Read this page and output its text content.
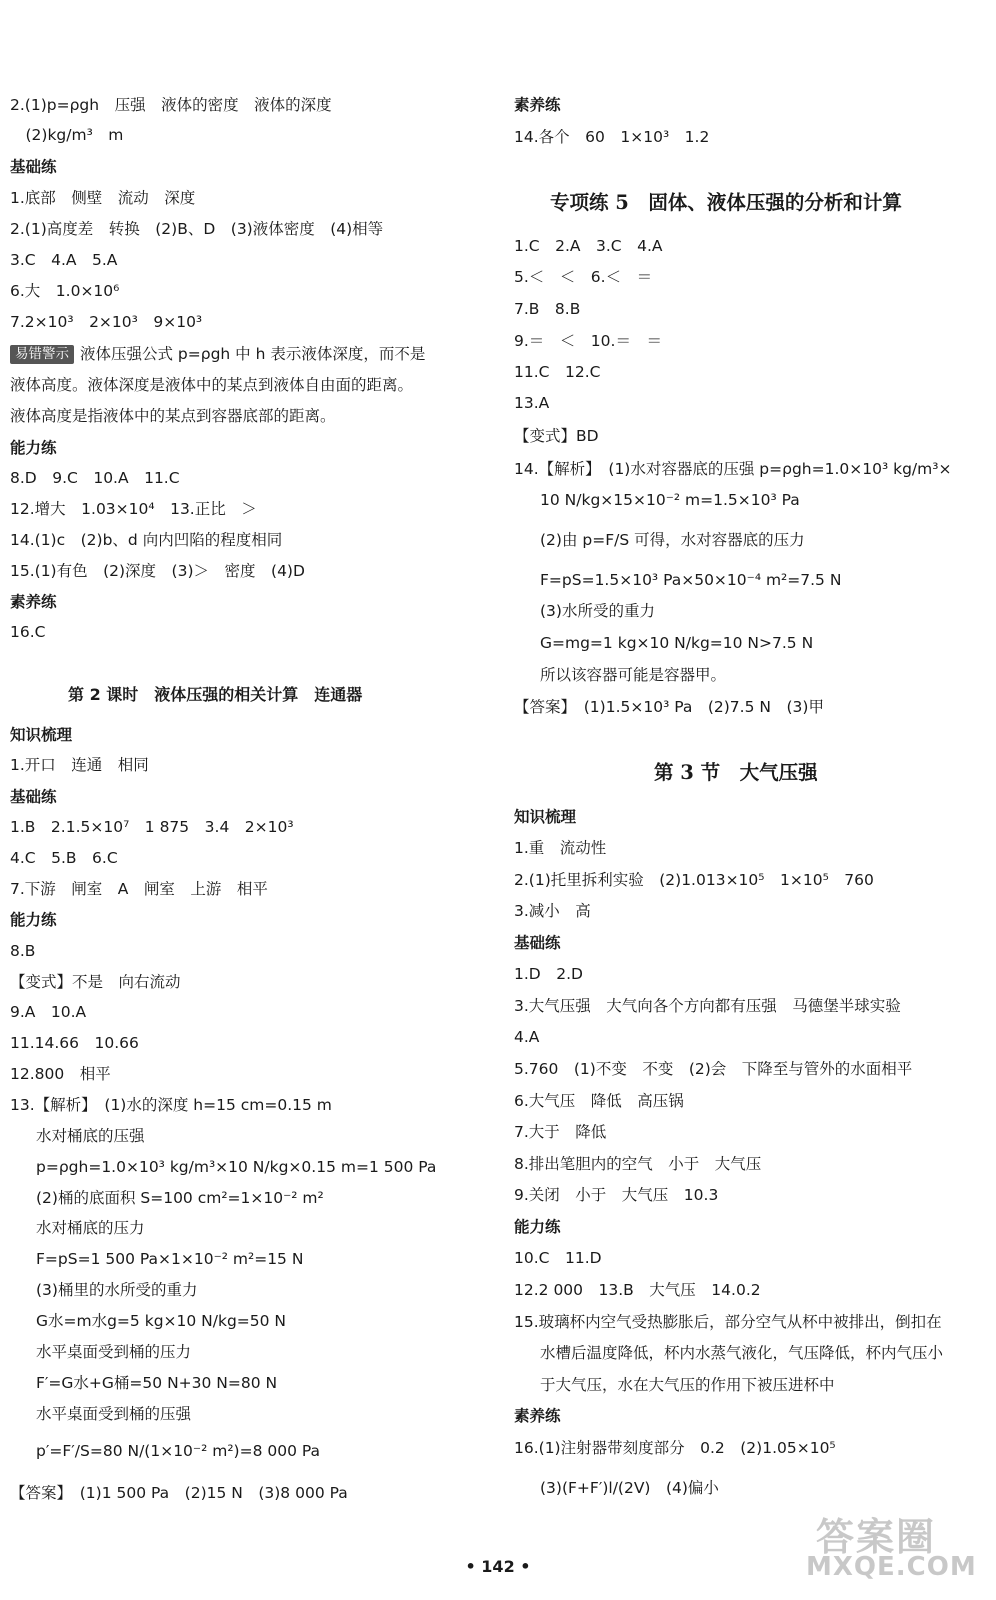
2.(1)p=ρgh　压强　液体的密度　液体的深度
　(2)kg/m³　m
基础练
1.底部　侧壁　流动　深度
2.(1)高度差　转换　(2)B、D　(3)液体密度　(4)相等
3.C　4.A　5.A
6.大　1.0×10⁶
7.2×10³　2×10³　9×10³
易错警示 液体压强公式 p=ρgh 中 h 表示液体深度，而不是
液体高度。液体深度是液体中的某点到液体自由面的距离。
液体高度是指液体中的某点到容器底部的距离。
能力练
8.D　9.C　10.A　11.C
12.增大　1.03×10⁴　13.正比　＞
14.(1)c　(2)b、d 向内凹陷的程度相同
15.(1)有色　(2)深度　(3)＞　密度　(4)D
素养练
16.C
第 2 课时　液体压强的相关计算　连通器
知识梳理
1.开口　连通　相同
基础练
1.B　2.1.5×10⁷　1 875　3.4　2×10³
4.C　5.B　6.C
7.下游　闸室　A　闸室　上游　相平
能力练
8.B
【变式】不是　向右流动
9.A　10.A
11.14.66　10.66
12.800　相平
13.【解析】　(1)水的深度 h=15 cm=0.15 m
水对桶底的压强
p=ρgh=1.0×10³ kg/m³×10 N/kg×0.15 m=1 500 Pa
(2)桶的底面积 S=100 cm²=1×10⁻² m²
水对桶底的压力
F=pS=1 500 Pa×1×10⁻² m²=15 N
(3)桶里的水所受的重力
G水=m水g=5 kg×10 N/kg=50 N
水平桌面受到桶的压力
F′=G水+G桶=50 N+30 N=80 N
水平桌面受到桶的压强
p′=F′/S=80 N/(1×10⁻² m²)=8 000 Pa
【答案】　(1)1 500 Pa　(2)15 N　(3)8 000 Pa
素养练
14.各个　60　1×10³　1.2
专项练 5　固体、液体压强的分析和计算
1.C　2.A　3.C　4.A
5.＜　＜　6.＜　＝
7.B　8.B
9.＝　＜　10.＝　＝
11.C　12.C
13.A
【变式】BD
14.【解析】　(1)水对容器底的压强 p=ρgh=1.0×10³ kg/m³×
10 N/kg×15×10⁻² m=1.5×10³ Pa
(2)由 p=F/S 可得，水对容器底的压力
F=pS=1.5×10³ Pa×50×10⁻⁴ m²=7.5 N
(3)水所受的重力
G=mg=1 kg×10 N/kg=10 N>7.5 N
所以该容器可能是容器甲。
【答案】　(1)1.5×10³ Pa　(2)7.5 N　(3)甲
第 3 节　大气压强
知识梳理
1.重　流动性
2.(1)托里拆利实验　(2)1.013×10⁵　1×10⁵　760
3.减小　高
基础练
1.D　2.D
3.大气压强　大气向各个方向都有压强　马德堡半球实验
4.A
5.760　(1)不变　不变　(2)会　下降至与管外的水面相平
6.大气压　降低　高压锅
7.大于　降低
8.排出笔胆内的空气　小于　大气压
9.关闭　小于　大气压　10.3
能力练
10.C　11.D
12.2 000　13.B　大气压　14.0.2
15.玻璃杯内空气受热膨胀后，部分空气从杯中被排出，倒扣在
水槽后温度降低，杯内水蒸气液化，气压降低，杯内气压小
于大气压，水在大气压的作用下被压进杯中
素养练
16.(1)注射器带刻度部分　0.2　(2)1.05×10⁵
(3)(F+F′)l/(2V)　(4)偏小
• 142 •
答案圈
MXQE.COM
